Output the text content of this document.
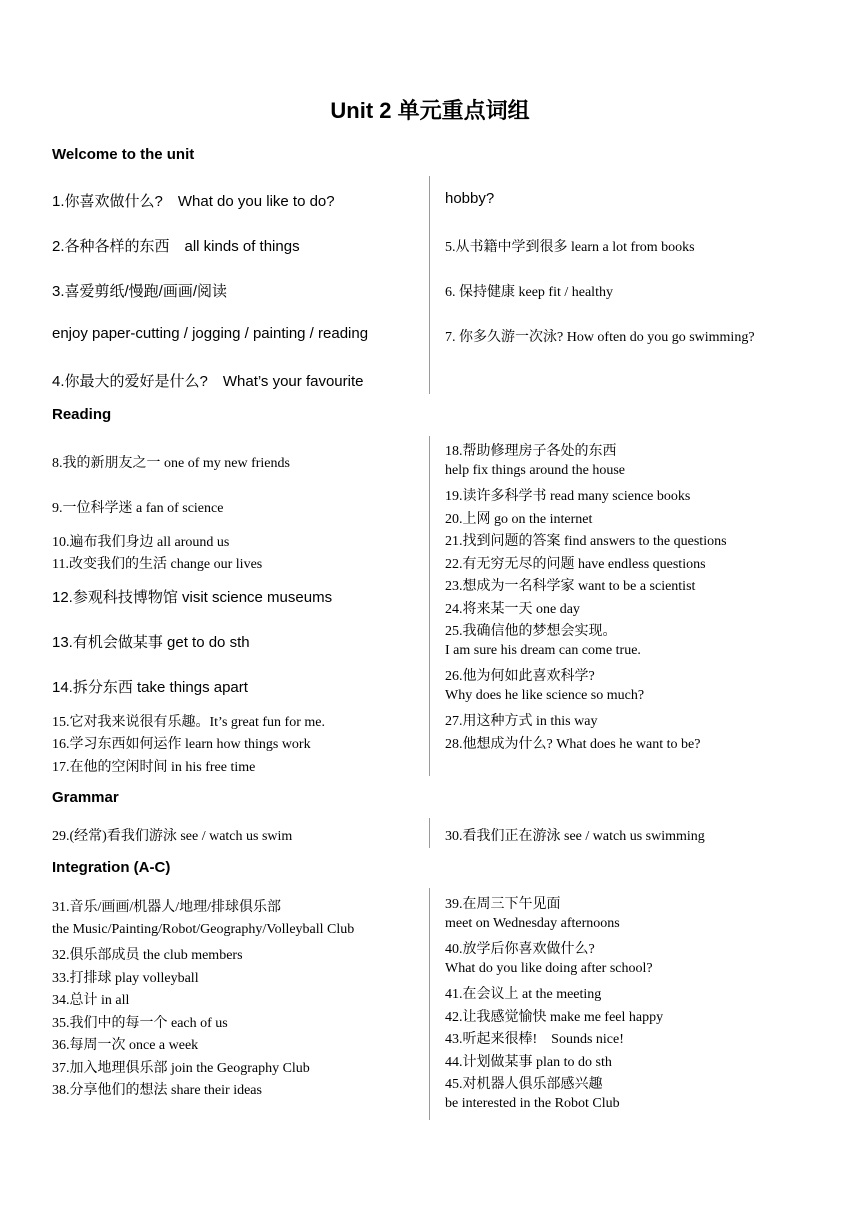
Unit 2 单元重点词组
Welcome to the unit
1.你喜欢做什么?　What do you like to do?
2.各种各样的东西　all kinds of things
3.喜爱剪纸/慢跑/画画/阅读
enjoy paper-cutting / jogging / painting / reading
4.你最大的爱好是什么?　What’s your favourite
hobby?
5.从书籍中学到很多 learn a lot from books
6. 保持健康 keep fit / healthy
7. 你多久游一次泳? How often do you go swimming?
Reading
8.我的新朋友之一 one of my new friends
9.一位科学迷 a fan of science
10.遍布我们身边 all around us
11.改变我们的生活 change our lives
12.参观科技博物馆 visit science museums
13.有机会做某事 get to do sth
14.拆分东西 take things apart
15.它对我来说很有乐趣。It’s great fun for me.
16.学习东西如何运作 learn how things work
17.在他的空闲时间 in his free time
18.帮助修理房子各处的东西
help fix things around the house
19.读许多科学书 read many science books
20.上网 go on the internet
21.找到问题的答案 find answers to the questions
22.有无穷无尽的问题 have endless questions
23.想成为一名科学家 want to be a scientist
24.将来某一天 one day
25.我确信他的梦想会实现。
I am sure his dream can come true.
26.他为何如此喜欢科学?
Why does he like science so much?
27.用这种方式 in this way
28.他想成为什么? What does he want to be?
Grammar
29.(经常)看我们游泳 see / watch us swim	30.看我们正在游泳 see / watch us swimming
Integration (A-C)
31.音乐/画画/机器人/地理/排球俱乐部
the Music/Painting/Robot/Geography/Volleyball Club
32.俱乐部成员 the club members
33.打排球 play volleyball
34.总计 in all
35.我们中的每一个 each of us
36.每周一次 once a week
37.加入地理俱乐部 join the Geography Club
38.分享他们的想法 share their ideas
39.在周三下午见面
meet on Wednesday afternoons
40.放学后你喜欢做什么?
What do you like doing after school?
41.在会议上 at the meeting
42.让我感觉愉快 make me feel happy
43.听起来很棒!　Sounds nice!
44.计划做某事 plan to do sth
45.对机器人俱乐部感兴趣
be interested in the Robot Club
